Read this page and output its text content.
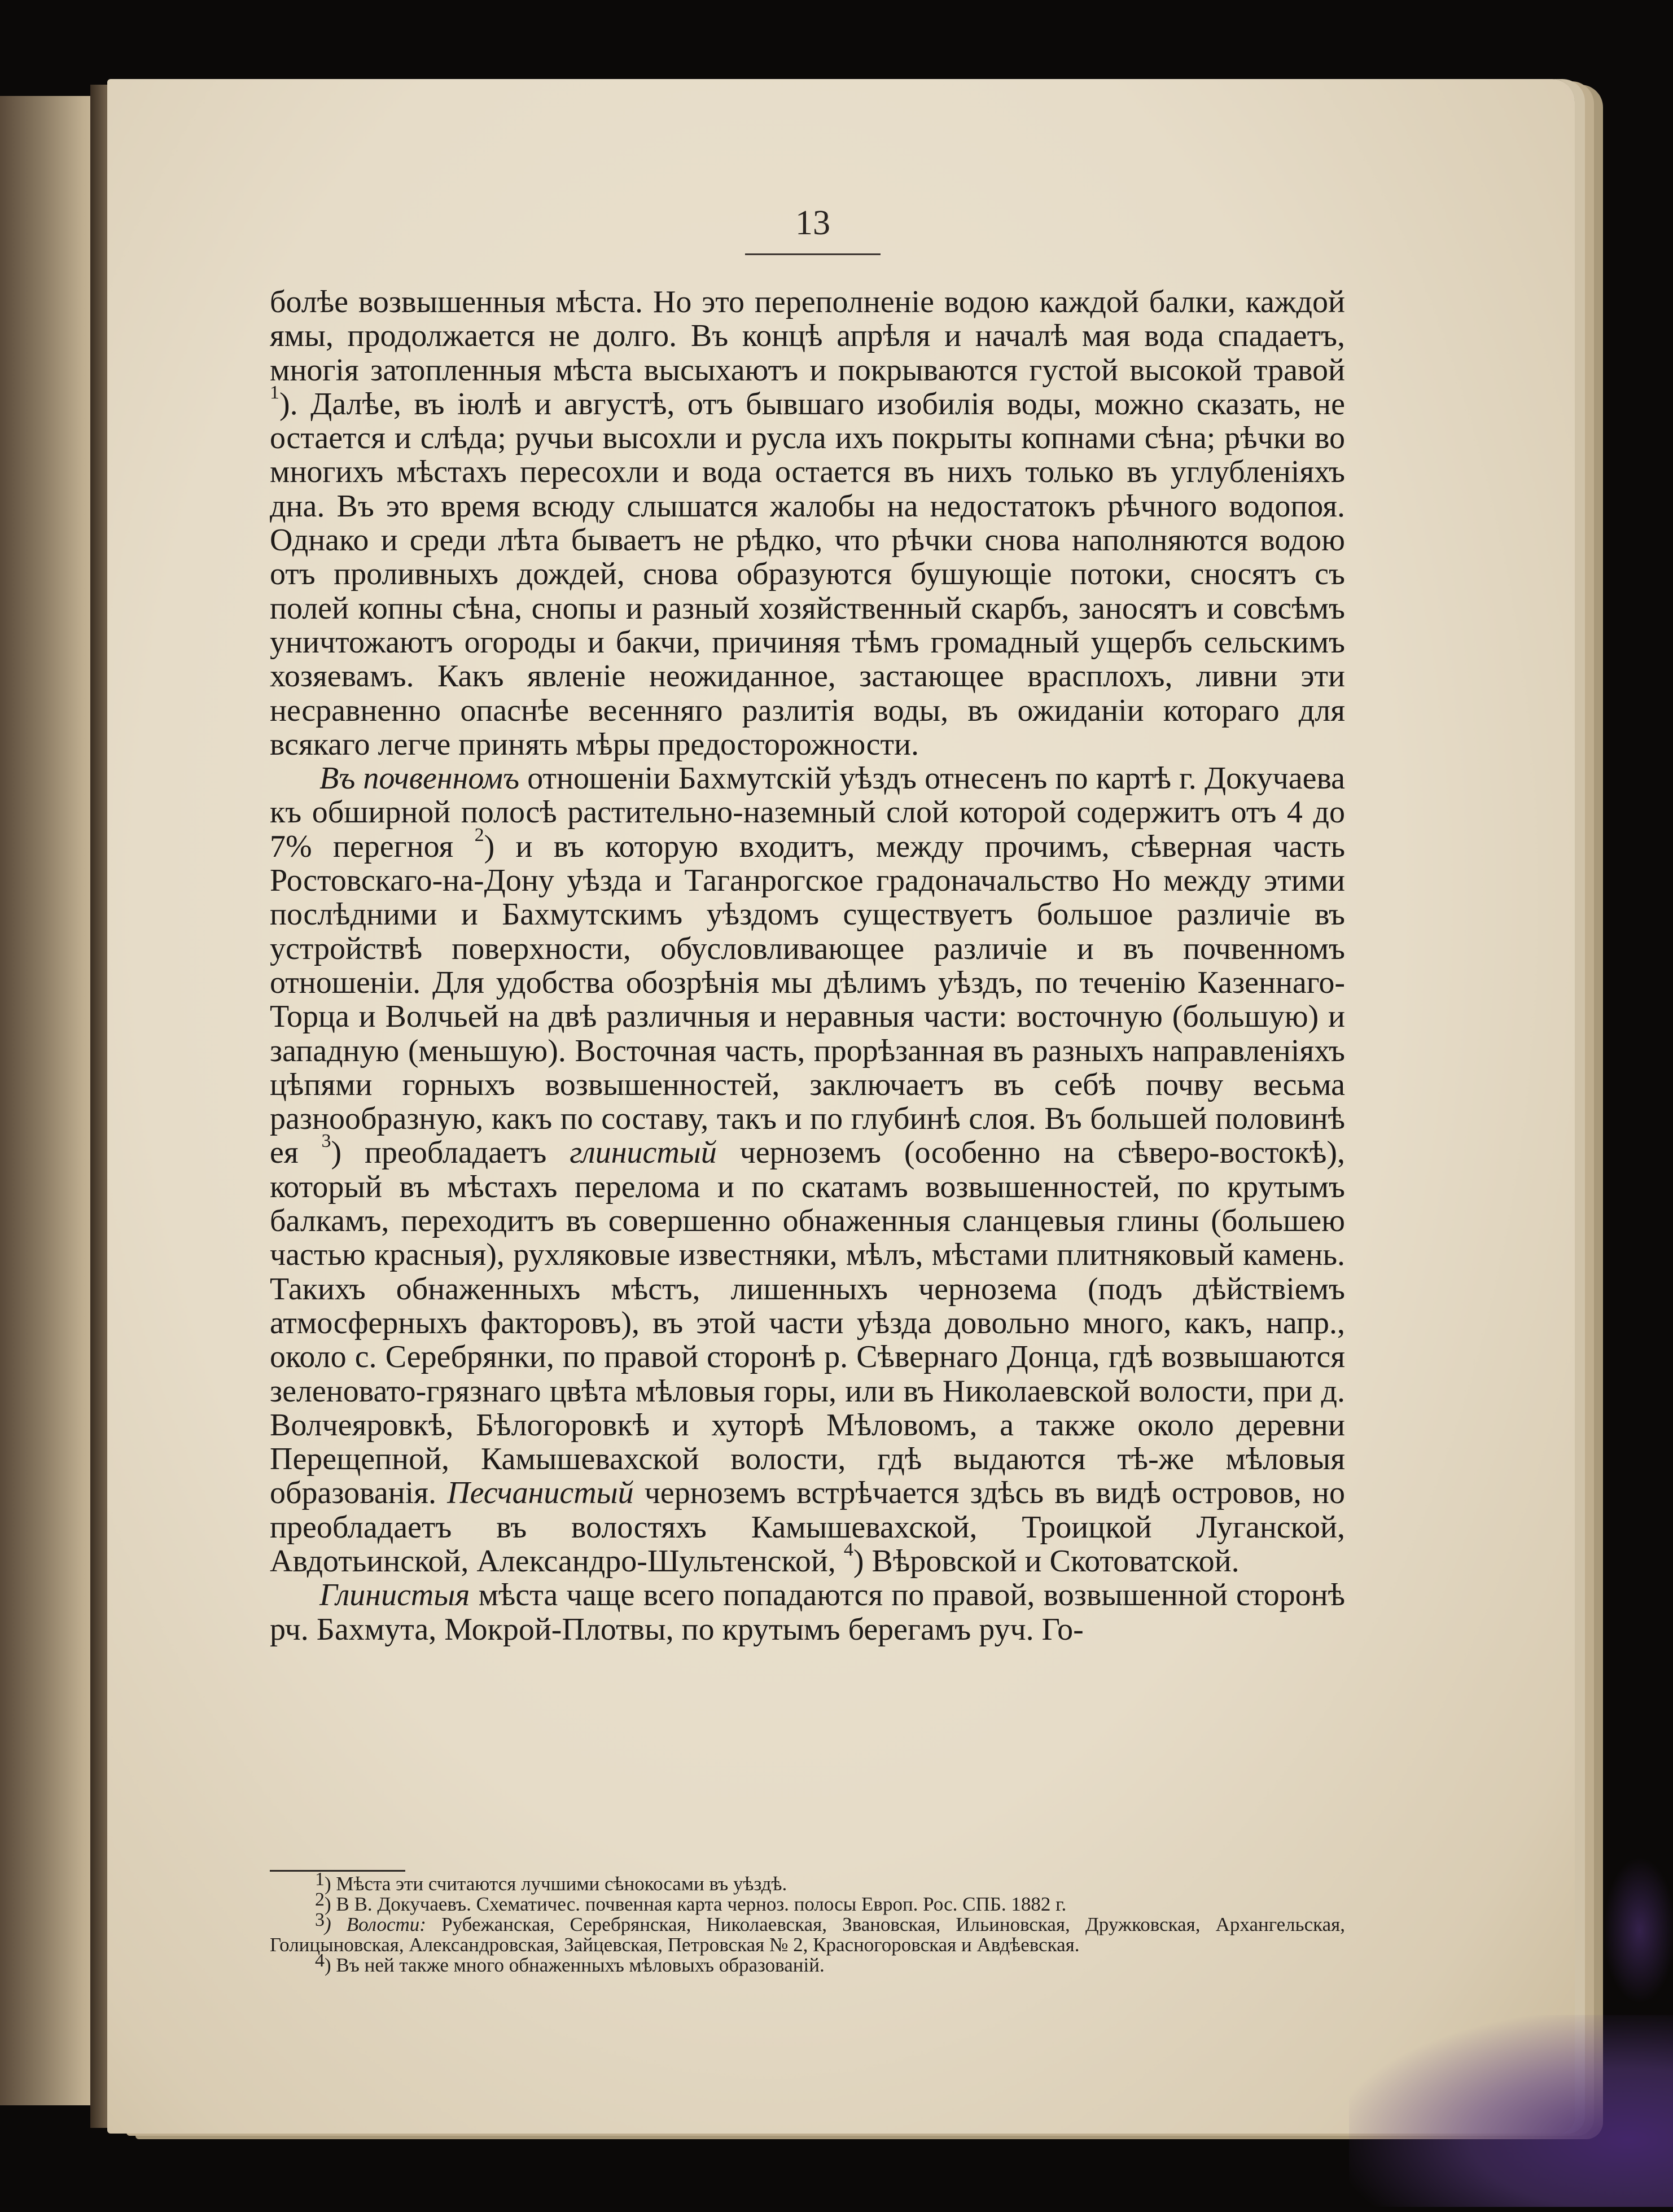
13

болѣе возвышенныя мѣста. Но это переполненіе водою каждой балки, каждой ямы, продолжается не долго. Въ концѣ апрѣля и началѣ мая вода спадаетъ, многія затопленныя мѣста высыхаютъ и покрываются густой высокой травой $^1$). Далѣе, въ іюлѣ и августѣ, отъ бывшаго изобилія воды, можно сказать, не остается и слѣда; ручьи высохли и русла ихъ покрыты копнами сѣна; рѣчки во многихъ мѣстахъ пересохли и вода остается въ нихъ только въ углубленіяхъ дна. Въ это время всюду слышатся жалобы на недостатокъ рѣчного водопоя. Однако и среди лѣта бываетъ не рѣдко, что рѣчки снова наполняются водою отъ проливныхъ дождей, снова образуются бушующіе потоки, сносятъ съ полей копны сѣна, снопы и разный хозяйственный скарбъ, заносятъ и совсѣмъ уничтожаютъ огороды и бакчи, причиняя тѣмъ громадный ущербъ сельскимъ хозяевамъ. Какъ явленіе неожиданное, застающее врасплохъ, ливни эти несравненно опаснѣе весенняго разлитія воды, въ ожиданіи котораго для всякаго легче принять мѣры предосторожности.

Въ почвенномъ отношеніи Бахмутскій уѣздъ отнесенъ по картѣ г. Докучаева къ обширной полосѣ растительно-наземный слой которой содержитъ отъ 4 до 7% перегноя $^2$) и въ которую входитъ, между прочимъ, сѣверная часть Ростовскаго-на-Дону уѣзда и Таганрогское градоначальство Но между этими послѣдними и Бахмутскимъ уѣздомъ существуетъ большое различіе въ устройствѣ поверхности, обусловливающее различіе и въ почвенномъ отношеніи. Для удобства обозрѣнія мы дѣлимъ уѣздъ, по теченію Казеннаго-Торца и Волчьей на двѣ различныя и неравныя части: восточную (большую) и западную (меньшую). Восточная часть, прорѣзанная въ разныхъ направленіяхъ цѣпями горныхъ возвышенностей, заключаетъ въ себѣ почву весьма разнообразную, какъ по составу, такъ и по глубинѣ слоя. Въ большей половинѣ ея $^3$) преобладаетъ глинистый черноземъ (особенно на сѣверо-востокѣ), который въ мѣстахъ перелома и по скатамъ возвышенностей, по крутымъ балкамъ, переходитъ въ совершенно обнаженныя сланцевыя глины (большею частью красныя), рухляковые известняки, мѣлъ, мѣстами плитняковый камень. Такихъ обнаженныхъ мѣстъ, лишенныхъ чернозема (подъ дѣйствіемъ атмосферныхъ факторовъ), въ этой части уѣзда довольно много, какъ, напр., около с. Серебрянки, по правой сторонѣ р. Сѣвернаго Донца, гдѣ возвышаются зеленовато-грязнаго цвѣта мѣловыя горы, или въ Николаевской волости, при д. Волчеяровкѣ, Бѣлогоровкѣ и хуторѣ Мѣловомъ, а также около деревни Перещепной, Камышевахской волости, гдѣ выдаются тѣ-же мѣловыя образованія. Песчанистый черноземъ встрѣчается здѣсь въ видѣ островов, но преобладаетъ въ волостяхъ Камышевахской, Троицкой Луганской, Авдотьинской, Александро-Шультенской, $^4$) Вѣровской и Скотоватской.

Глинистыя мѣста чаще всего попадаются по правой, возвышенной сторонѣ рч. Бахмута, Мокрой-Плотвы, по крутымъ берегамъ руч. Го-

$^1$) Мѣста эти считаются лучшими сѣнокосами въ уѣздѣ.

$^2$) В В. Докучаевъ. Схематичес. почвенная карта черноз. полосы Европ. Рос. СПБ. 1882 г.

$^3$) Волости: Рубежанская, Серебрянская, Николаевская, Звановская, Ильиновская, Дружковская, Архангельская, Голицыновская, Александровская, Зайцевская, Петровская № 2, Красногоровская и Авдѣевская.

$^4$) Въ ней также много обнаженныхъ мѣловыхъ образованій.
